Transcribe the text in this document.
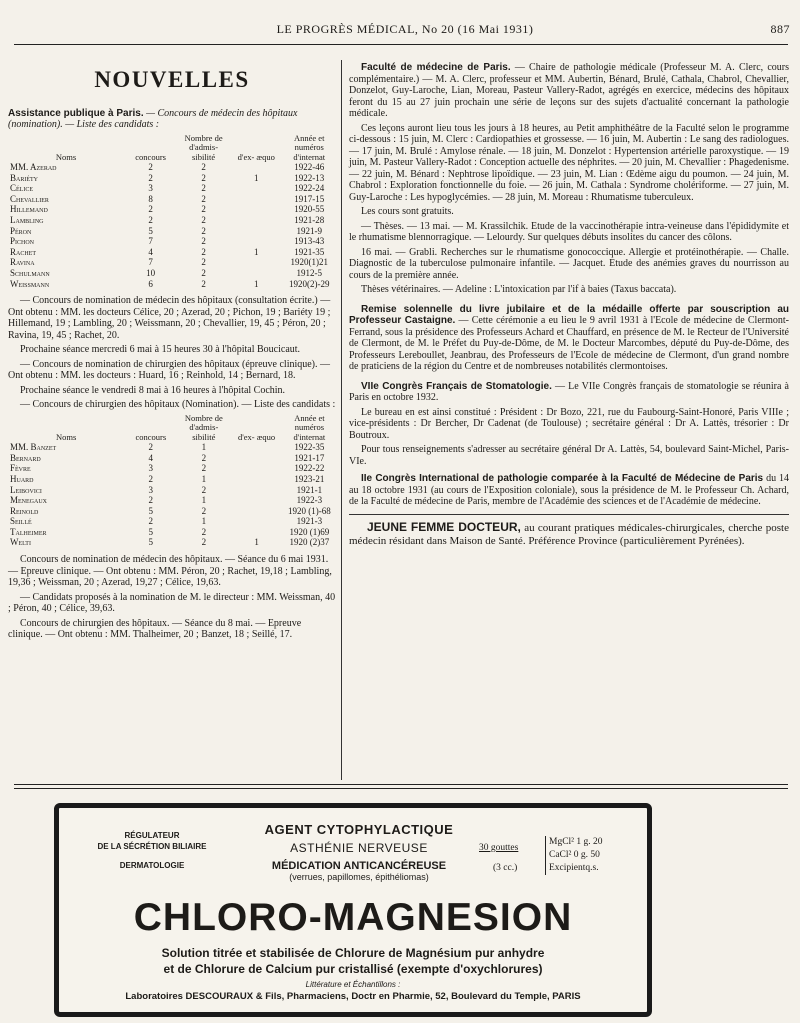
LE PROGRÈS MÉDICAL, No 20 (16 Mai 1931)	887
NOUVELLES

Assistance publique à Paris. — Concours de médecin des hôpitaux (nomination). — Liste des candidats :

Noms	concours	Nombre de d'admis- sibilité	d'ex- æquo	Année et numéros d'internat
MM. Azerad	2	2		1922-46
Bariéty	2	2	1	1922-13
Célice	3	2		1922-24
Chevallier	8	2		1917-15
Hillemand	2	2		1920-55
Lambling	2	2		1921-28
Péron	5	2		1921-9
Pichon	7	2		1913-43
Rachet	4	2	1	1921-35
Ravina	7	2		1920(1)21
Schulmann	10	2		1912-5
Weissmann	6	2	1	1920(2)-29

— Concours de nomination de médecin des hôpitaux (consultation écrite.) — Ont obtenu : MM. les docteurs Célice, 20 ; Azerad, 20 ; Pichon, 19 ; Bariéty 19 ; Hillemand, 19 ; Lambling, 20 ; Weissmann, 20 ; Chevallier, 19, 45 ; Péron, 20 ; Ravina, 19, 45 ; Rachet, 20.

Prochaine séance mercredi 6 mai à 15 heures 30 à l'hôpital Boucicaut.

— Concours de nomination de chirurgien des hôpitaux (épreuve clinique). — Ont obtenu : MM. les docteurs : Huard, 16 ; Reinhold, 14 ; Bernard, 18.

Prochaine séance le vendredi 8 mai à 16 heures à l'hôpital Cochin.

— Concours de chirurgien des hôpitaux (Nomination). — Liste des candidats :

Noms	concours	Nombre de d'admis- sibilité	d'ex- æquo	Année et numéros d'internat
MM. Banzet	2	1		1922-35
Bernard	4	2		1921-17
Fèvre	3	2		1922-22
Huard	2	1		1923-21
Leibovici	3	2		1921-1
Menegaux	2	1		1922-3
Reinold	5	2		1920 (1)-68
Seillé	2	1		1921-3
Talheimer	5	2		1920 (1)69
Welti	5	2	1	1920 (2)37

Concours de nomination de médecin des hôpitaux. — Séance du 6 mai 1931. — Epreuve clinique. — Ont obtenu : MM. Péron, 20 ; Rachet, 19,18 ; Lambling, 19,36 ; Weissman, 20 ; Azerad, 19,27 ; Célice, 19,63.

— Candidats proposés à la nomination de M. le directeur : MM. Weissman, 40 ; Péron, 40 ; Célice, 39,63.

Concours de chirurgien des hôpitaux. — Séance du 8 mai. — Epreuve clinique. — Ont obtenu : MM. Thalheimer, 20 ; Banzet, 18 ; Seillé, 17.

Faculté de médecine de Paris. — Chaire de pathologie médicale (Professeur M. A. Clerc, cours complémentaire.) — M. A. Clerc, professeur et MM. Aubertin, Bénard, Brulé, Cathala, Chabrol, Chevallier, Donzelot, Guy-Laroche, Lian, Moreau, Pasteur Vallery-Radot, agrégés en exercice, médecins des hôpitaux feront du 15 au 27 juin prochain une série de leçons sur des sujets d'actualité concernant la pathologie médicale.

Ces leçons auront lieu tous les jours à 18 heures, au Petit amphithéâtre de la Faculté selon le programme ci-dessous : 15 juin, M. Clerc : Cardiopathies et grossesse. — 16 juin, M. Aubertin : Le sang des radiologues. — 17 juin, M. Brulé : Amylose rénale. — 18 juin, M. Donzelot : Hypertension artérielle paroxystique. — 19 juin, M. Pasteur Vallery-Radot : Conception actuelle des néphrites. — 20 juin, M. Chevallier : Phagedenisme. — 22 juin, M. Bénard : Nephtrose lipoïdique. — 23 juin, M. Lian : Œdème aigu du poumon. — 24 juin, M. Chabrol : Exploration fonctionnelle du foie. — 26 juin, M. Cathala : Syndrome cholériforme. — 27 juin, M. Guy-Laroche : Les hypoglycémies. — 28 juin, M. Moreau : Rhumatisme tuberculeux.

Les cours sont gratuits.

— Thèses. — 13 mai. — M. Krassilchik. Etude de la vaccinothérapie intra-veineuse dans l'épididymite et le rhumatisme blennorragique. — Lelourdy. Sur quelques débuts insolites du cancer des côlons.

16 mai. — Grabli. Recherches sur le rhumatisme gonococcique. Allergie et protéinothérapie. — Challe. Diagnostic de la tuberculose pulmonaire infantile. — Jacquet. Etude des anémies graves du nourrisson au cours de la première année.

Thèses vétérinaires. — Adeline : L'intoxication par l'if à baies (Taxus baccata).

Remise solennelle du livre jubilaire et de la médaille offerte par souscription au Professeur Castaigne. — Cette cérémonie a eu lieu le 9 avril 1931 à l'Ecole de médecine de Clermont-Ferrand, sous la présidence des Professeurs Achard et Chauffard, en présence de M. le Recteur de l'Université de Clermont, de M. le Préfet du Puy-de-Dôme, de M. le Docteur Marcombes, député du Puy-de-Dôme, des Professeurs Lereboullet, Jeanbrau, des Professeurs de l'Ecole de médecine de Clermont, d'un grand nombre de praticiens de la région du Centre et de nombreuses notabilités clermontoises.

VIIe Congrès Français de Stomatologie. — Le VIIe Congrès français de stomatologie se réunira à Paris en octobre 1932.

Le bureau en est ainsi constitué : Président : Dr Bozo, 221, rue du Faubourg-Saint-Honoré, Paris VIIIe ; vice-présidents : Dr Bercher, Dr Cadenat (de Toulouse) ; secrétaire général : Dr A. Lattès, trésorier : Dr Boutroux.

Pour tous renseignements s'adresser au secrétaire général Dr A. Lattès, 54, boulevard Saint-Michel, Paris-VIe.

IIe Congrès International de pathologie comparée à la Faculté de Médecine de Paris du 14 au 18 octobre 1931 (au cours de l'Exposition coloniale), sous la présidence de M. le Professeur Ch. Achard, de la Faculté de médecine de Paris, membre de l'Académie des sciences et de l'Académie de médecine.

JEUNE FEMME DOCTEUR, au courant pratiques médicales-chirurgicales, cherche poste médecin résidant dans Maison de Santé. Préférence Province (particulièrement Pyrénées).

RÉGULATEUR
DE LA SÉCRÉTION BILIAIRE
DERMATOLOGIE
AGENT CYTOPHYLACTIQUE
ASTHÉNIE NERVEUSE
MÉDICATION ANTICANCÉREUSE
(verrues, papillomes, épithéliomas)
30 gouttes
(3 cc.)
MgCl² 1 g. 20
CaCl² 0 g. 50
Excipientq.s.
CHLORO-MAGNESION
Solution titrée et stabilisée de Chlorure de Magnésium pur anhydre
et de Chlorure de Calcium pur cristallisé (exempte d'oxychlorures)
Littérature et Échantillons :
Laboratoires DESCOURAUX & Fils, Pharmaciens, Doctr en Pharmie, 52, Boulevard du Temple, PARIS
